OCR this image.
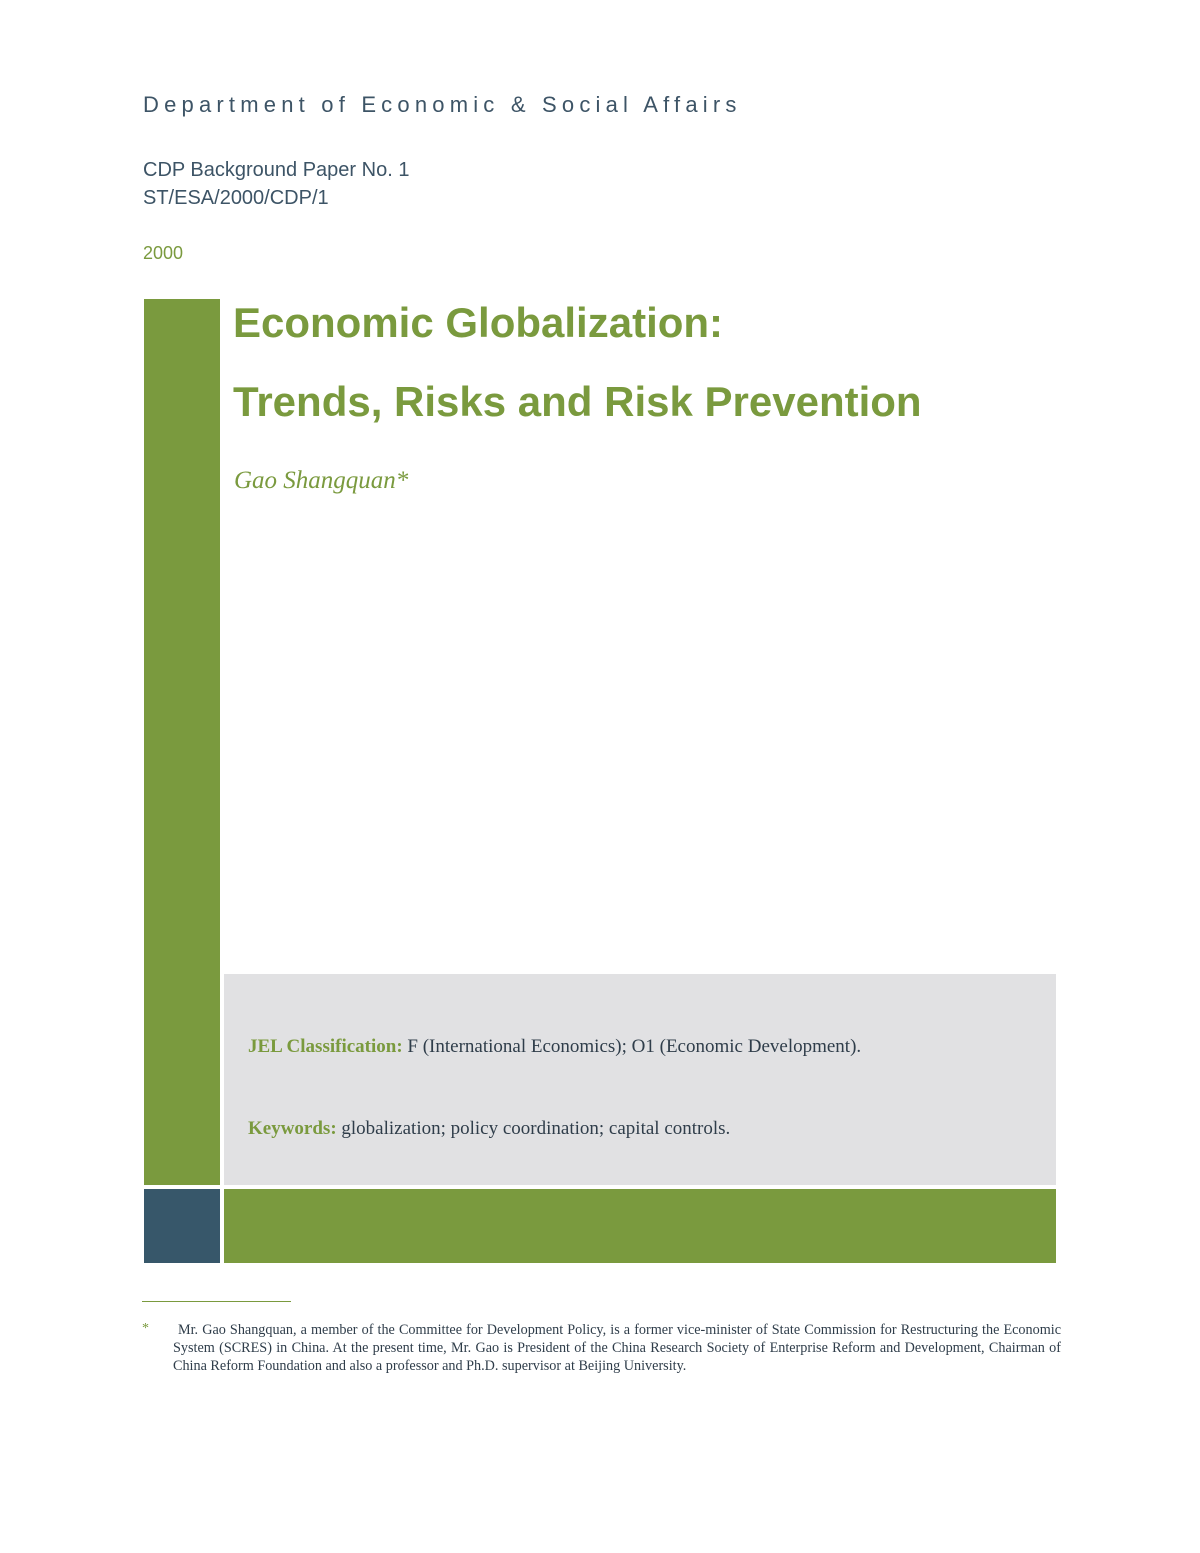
Department of Economic & Social Affairs
CDP Background Paper No. 1
ST/ESA/2000/CDP/1
2000
Economic Globalization:
Trends, Risks and Risk Prevention
Gao Shangquan*
JEL Classification: F (International Economics); O1 (Economic Development).
Keywords: globalization; policy coordination; capital controls.
*	Mr. Gao Shangquan, a member of the Committee for Development Policy, is a former vice-minister of State Commission for Restructuring the Economic System (SCRES) in China. At the present time, Mr. Gao is President of the China Research Society of Enterprise Reform and Development, Chairman of China Reform Foundation and also a professor and Ph.D. supervisor at Beijing University.
